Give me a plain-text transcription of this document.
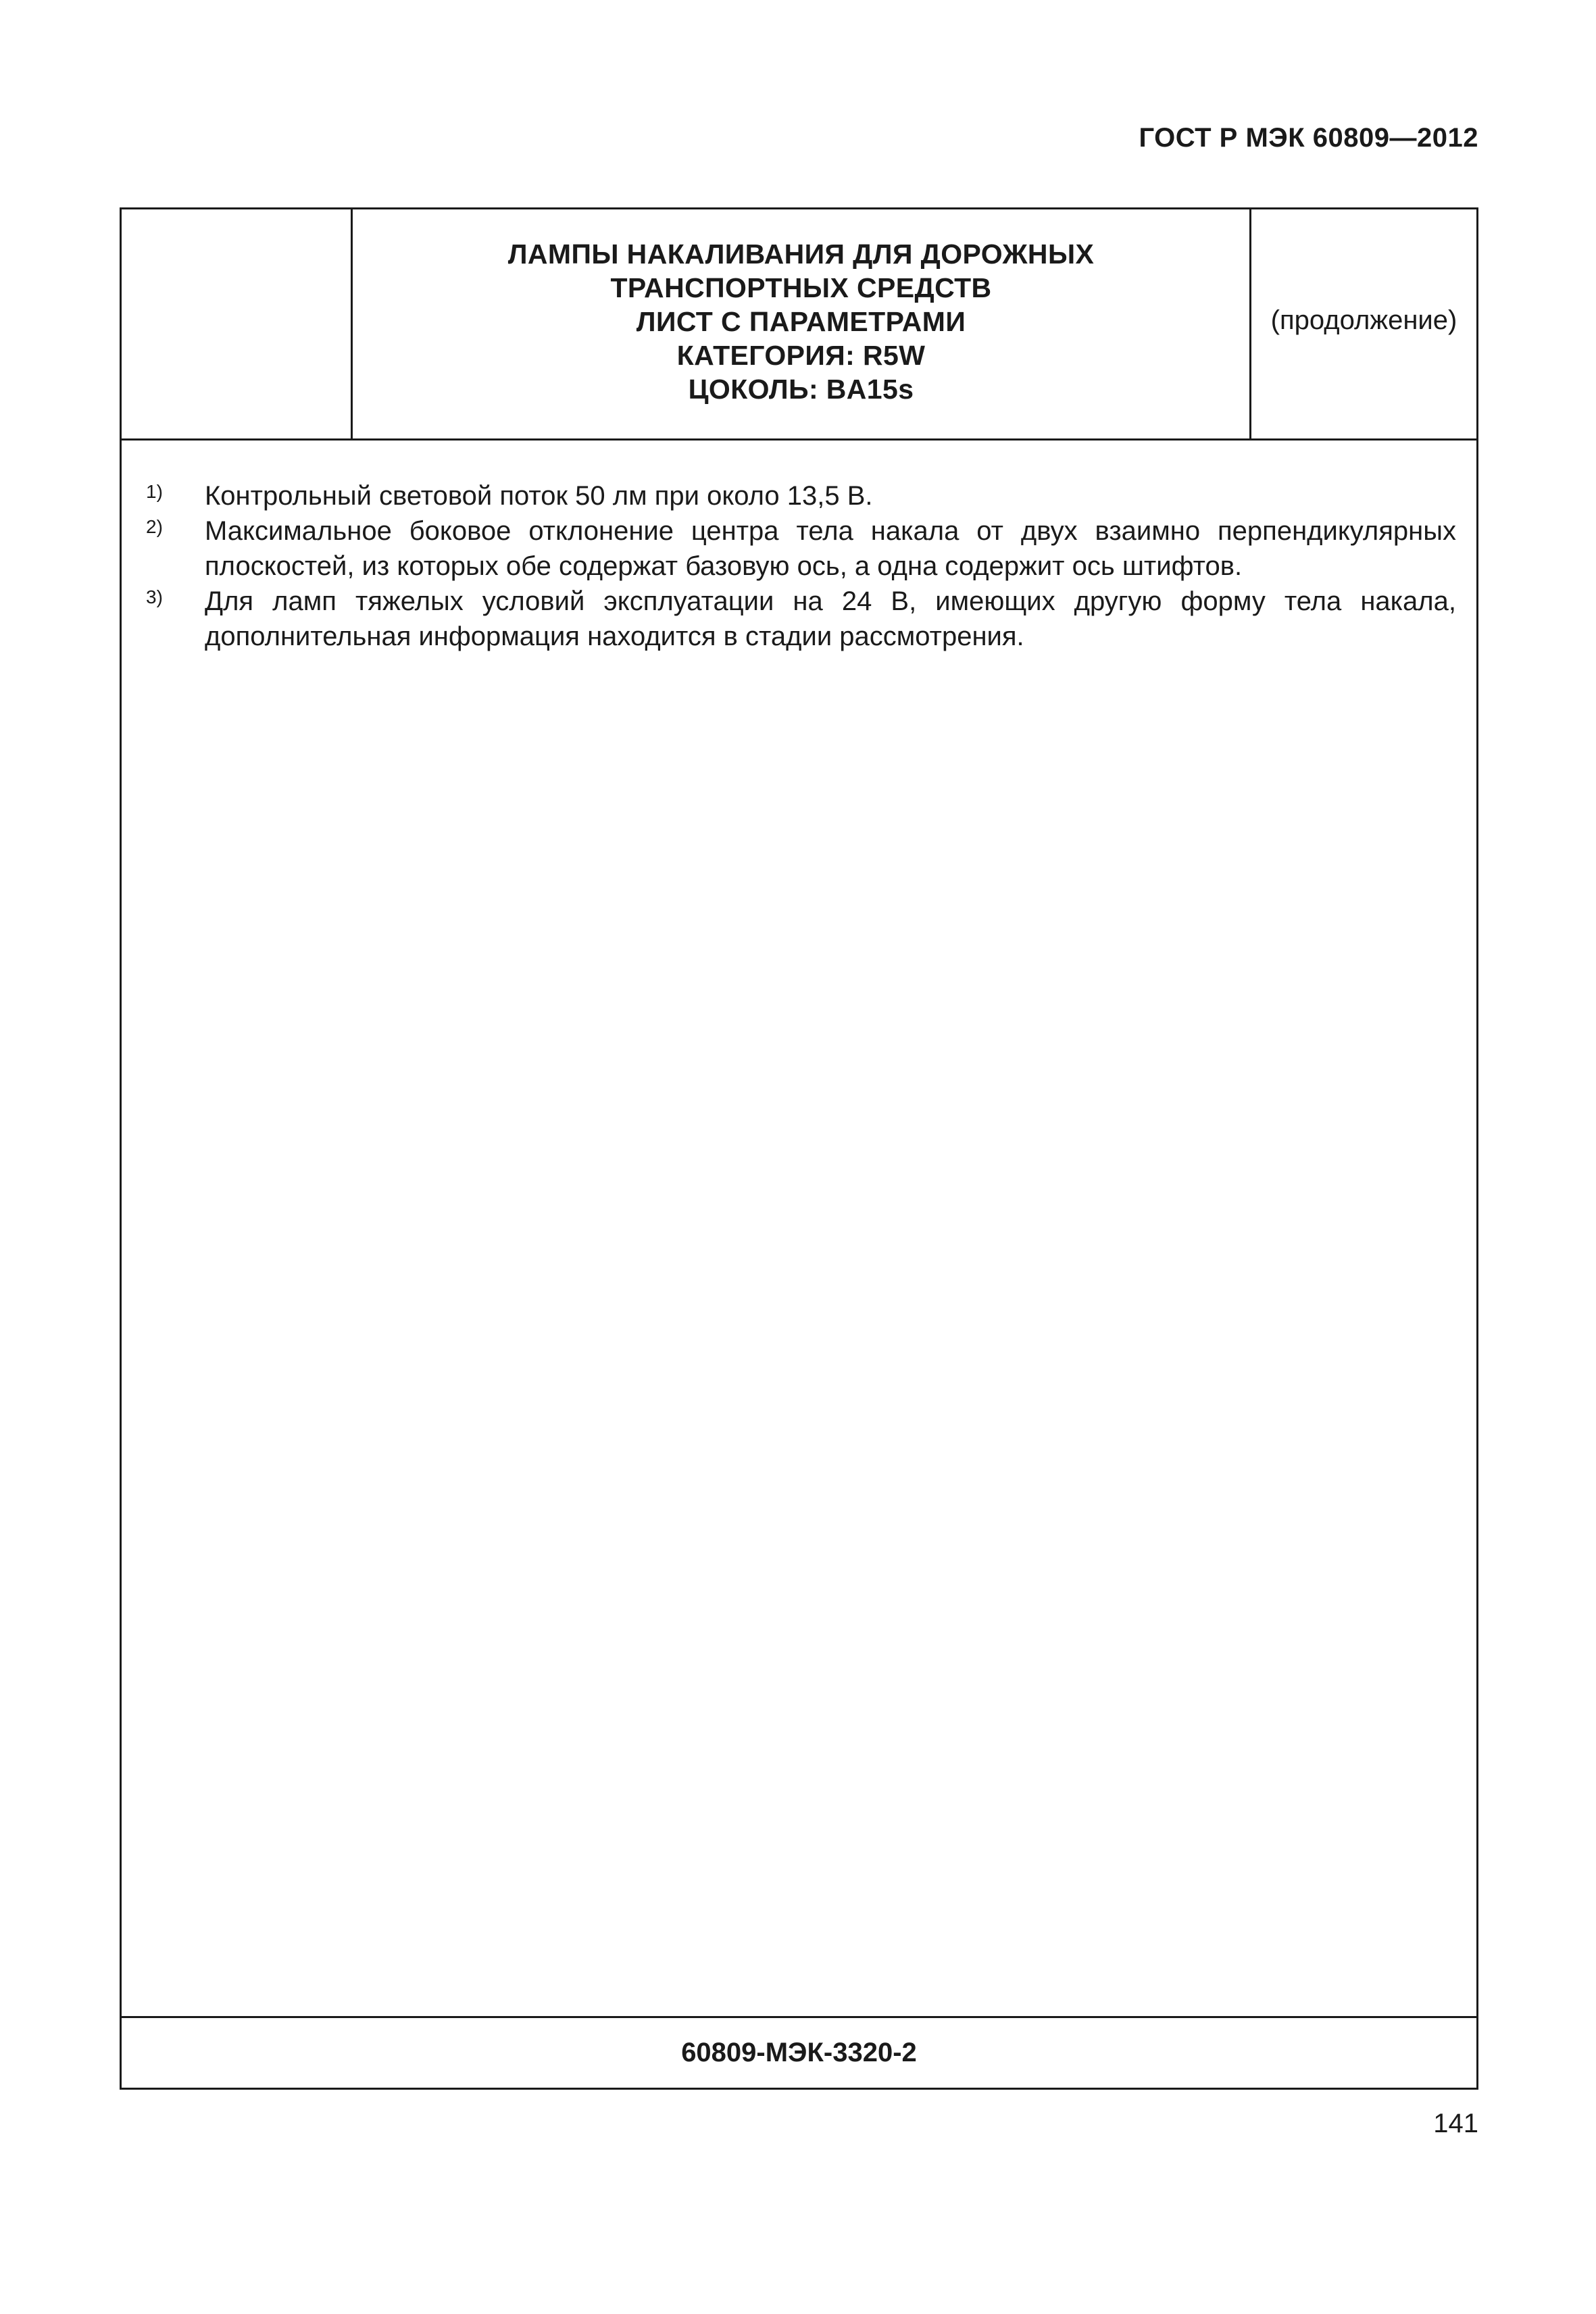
ГОСТ Р МЭК 60809—2012
ЛАМПЫ НАКАЛИВАНИЯ ДЛЯ ДОРОЖНЫХ
ТРАНСПОРТНЫХ СРЕДСТВ
ЛИСТ С ПАРАМЕТРАМИ
КАТЕГОРИЯ: R5W
ЦОКОЛЬ: BA15s
(продолжение)
1) Контрольный световой поток 50 лм при около 13,5 В.
2) Максимальное боковое отклонение центра тела накала от двух взаимно перпендикулярных плоскостей, из которых обе содержат базовую ось, а одна содержит ось штифтов.
3) Для ламп тяжелых условий эксплуатации на 24 В, имеющих другую форму тела накала, дополнительная информация находится в стадии рассмотрения.
60809-МЭК-3320-2
141
